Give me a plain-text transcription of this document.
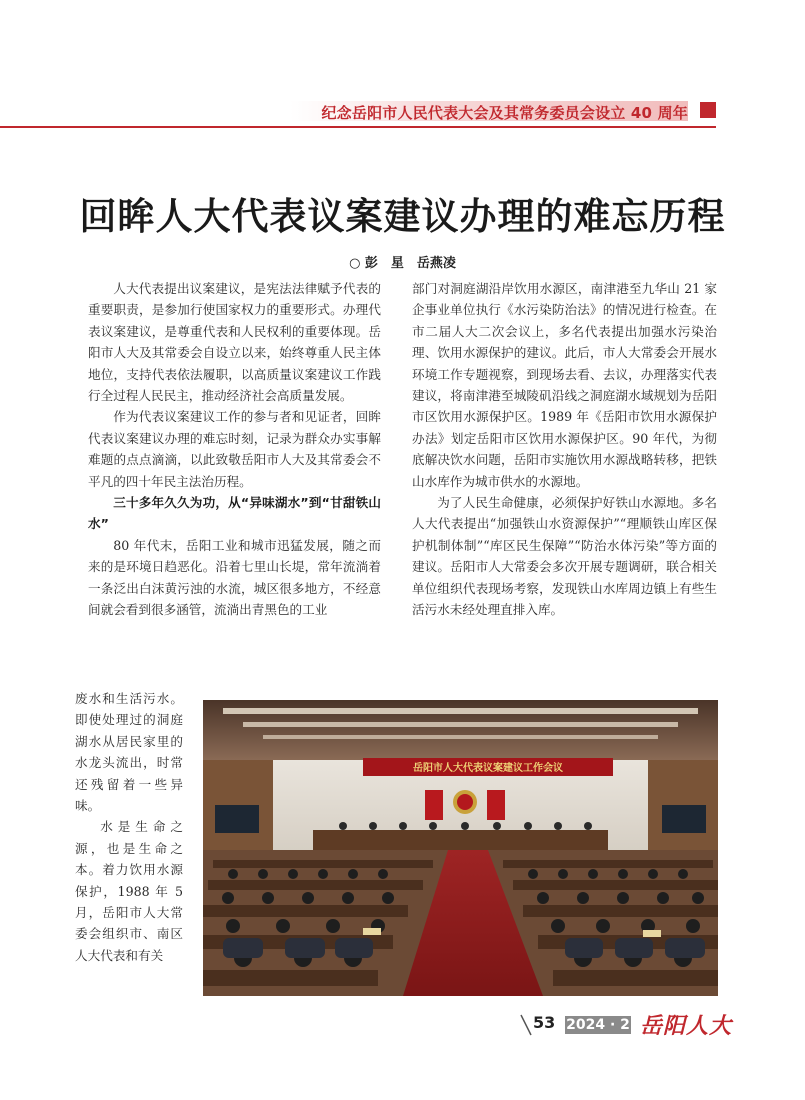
纪念岳阳市人民代表大会及其常务委员会设立 40 周年
回眸人大代表议案建议办理的难忘历程
○ 彭　星　岳燕凌

人大代表提出议案建议，是宪法法律赋予代表的重要职责，是参加行使国家权力的重要形式。办理代表议案建议，是尊重代表和人民权利的重要体现。岳阳市人大及其常委会自设立以来，始终尊重人民主体地位，支持代表依法履职，以高质量议案建议工作践行全过程人民民主，推动经济社会高质量发展。

作为代表议案建议工作的参与者和见证者，回眸代表议案建议办理的难忘时刻，记录为群众办实事解难题的点点滴滴，以此致敬岳阳市人大及其常委会不平凡的四十年民主法治历程。

三十多年久久为功，从“异味湖水”到“甘甜铁山水”

80 年代末，岳阳工业和城市迅猛发展，随之而来的是环境日趋恶化。沿着七里山长堤，常年流淌着一条泛出白沫黄污浊的水流，城区很多地方，不经意间就会看到很多涵管，流淌出青黑色的工业

废水和生活污水。即使处理过的洞庭湖水从居民家里的水龙头流出，时常还残留着一些异味。

水是生命之源，也是生命之本。着力饮用水源保护，1988 年 5 月，岳阳市人大常委会组织市、南区人大代表和有关

部门对洞庭湖沿岸饮用水源区，南津港至九华山 21 家企事业单位执行《水污染防治法》的情况进行检查。在市二届人大二次会议上，多名代表提出加强水污染治理、饮用水源保护的建议。此后，市人大常委会开展水环境工作专题视察，到现场去看、去议，办理落实代表建议，将南津港至城陵矶沿线之洞庭湖水域规划为岳阳市区饮用水源保护区。1989 年《岳阳市饮用水源保护办法》划定岳阳市区饮用水源保护区。90 年代，为彻底解决饮水问题，岳阳市实施饮用水源战略转移，把铁山水库作为城市供水的水源地。

为了人民生命健康，必须保护好铁山水源地。多名人大代表提出“加强铁山水资源保护”“理顺铁山库区保护机制体制”“库区民生保障”“防治水体污染”等方面的建议。岳阳市人大常委会多次开展专题调研，联合相关单位组织代表现场考察，发现铁山水库周边镇上有些生活污水未经处理直排入库。

岳阳市人大代表议案建议工作会议
53 2024 · 2 岳阳人大
